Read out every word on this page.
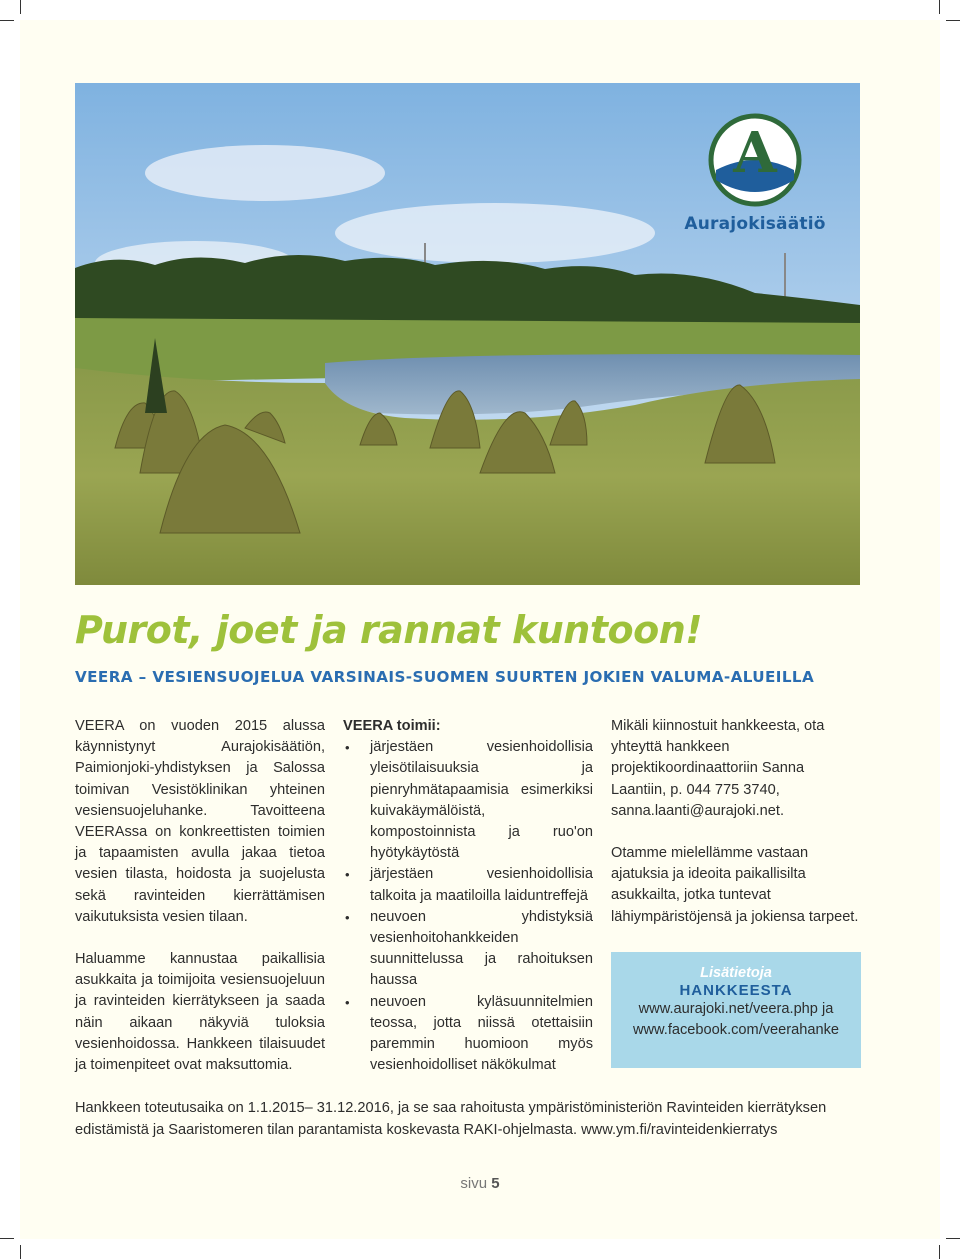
A
Aurajokisäätiö
Purot, joet ja rannat kuntoon!
VEERA – VESIENSUOJELUA VARSINAIS-SUOMEN SUURTEN JOKIEN VALUMA-ALUEILLA

VEERA on vuoden 2015 alussa käynnistynyt Aurajokisäätiön, Paimionjoki-yhdistyksen ja Salossa toimivan Vesistöklinikan yhteinen vesiensuojeluhanke. Tavoitteena VEERAssa on konkreettisten toimien ja tapaamisten avulla jakaa tietoa vesien tilasta, hoidosta ja suojelusta sekä ravinteiden kierrättämisen vaikutuksista vesien tilaan.

Haluamme kannustaa paikallisia asukkaita ja toimijoita vesiensuojeluun ja ravinteiden kierrätykseen ja saada näin aikaan näkyviä tuloksia vesienhoidossa. Hankkeen tilaisuudet ja toimenpiteet ovat maksuttomia.

VEERA toimii:
• järjestäen vesienhoidollisia yleisötilaisuuksia ja pienryhmätapaamisia esimerkiksi kuivakäymälöistä, kompostoinnista ja ruo'on hyötykäytöstä
• järjestäen vesienhoidollisia talkoita ja maatiloilla laiduntreffejä
• neuvoen yhdistyksiä vesienhoitohankkeiden suunnittelussa ja rahoituksen haussa
• neuvoen kyläsuunnitelmien teossa, jotta niissä otettaisiin paremmin huomioon myös vesienhoidolliset näkökulmat

Mikäli kiinnostuit hankkeesta, ota yhteyttä hankkeen projektikoordinaattoriin Sanna Laantiin, p. 044 775 3740, sanna.laanti@aurajoki.net.

Otamme mielellämme vastaan ajatuksia ja ideoita paikallisilta asukkailta, jotka tuntevat lähiympäristöjensä ja jokiensa tarpeet.

Lisätietoja
HANKKEESTA
www.aurajoki.net/veera.php ja
www.facebook.com/veerahanke
Hankkeen toteutusaika on 1.1.2015– 31.12.2016, ja se saa rahoitusta ympäristöministeriön Ravinteiden kierrätyksen edistämistä ja Saaristomeren tilan parantamista koskevasta RAKI-ohjelmasta. www.ym.fi/ravinteidenkierratys
sivu 5
